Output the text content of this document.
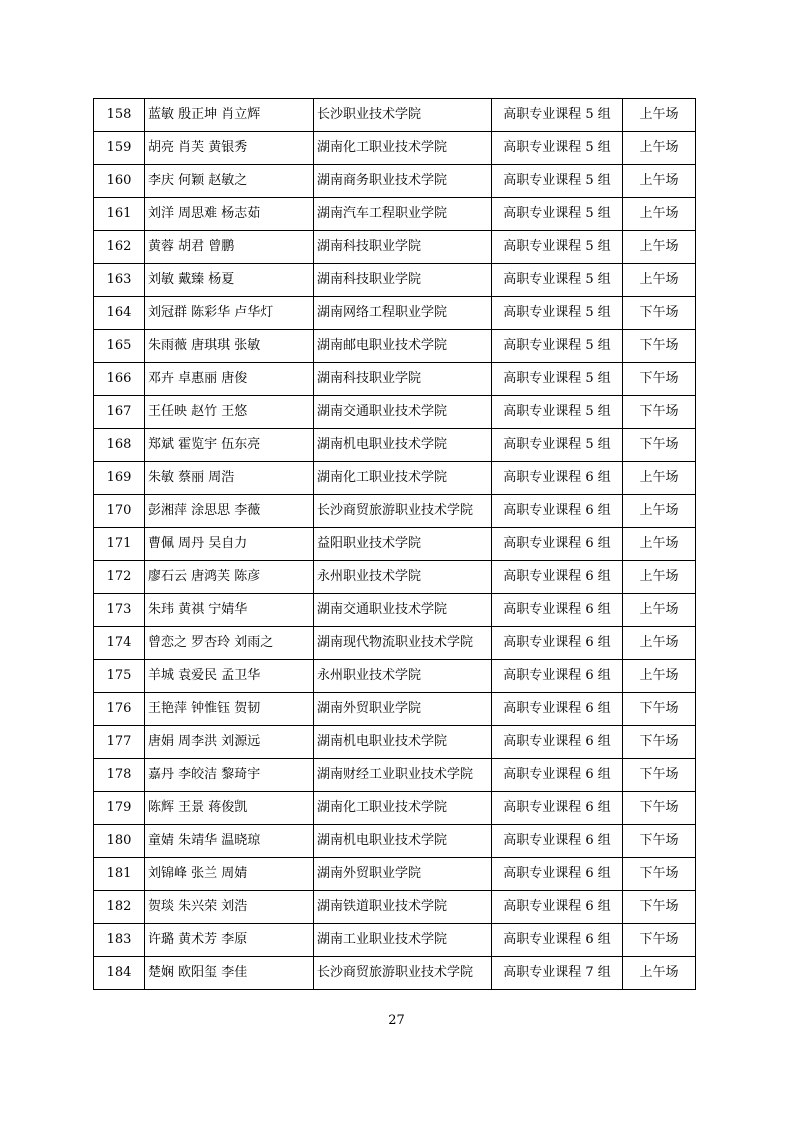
158	蓝敏 殷正坤 肖立辉	长沙职业技术学院	高职专业课程 5 组	上午场
159	胡亮 肖芙 黄银秀	湖南化工职业技术学院	高职专业课程 5 组	上午场
160	李庆 何颖 赵敏之	湖南商务职业技术学院	高职专业课程 5 组	上午场
161	刘洋 周思难 杨志茹	湖南汽车工程职业学院	高职专业课程 5 组	上午场
162	黄蓉 胡君 曾鹏	湖南科技职业学院	高职专业课程 5 组	上午场
163	刘敏 戴臻 杨夏	湖南科技职业学院	高职专业课程 5 组	上午场
164	刘冠群 陈彩华 卢华灯	湖南网络工程职业学院	高职专业课程 5 组	下午场
165	朱雨薇 唐琪琪 张敏	湖南邮电职业技术学院	高职专业课程 5 组	下午场
166	邓卉 卓惠丽 唐俊	湖南科技职业学院	高职专业课程 5 组	下午场
167	王任映 赵竹 王悠	湖南交通职业技术学院	高职专业课程 5 组	下午场
168	郑斌 霍览宇 伍东亮	湖南机电职业技术学院	高职专业课程 5 组	下午场
169	朱敏 蔡丽 周浩	湖南化工职业技术学院	高职专业课程 6 组	上午场
170	彭湘萍 涂思思 李薇	长沙商贸旅游职业技术学院	高职专业课程 6 组	上午场
171	曹佩 周丹 吴自力	益阳职业技术学院	高职专业课程 6 组	上午场
172	廖石云 唐鸿芙 陈彦	永州职业技术学院	高职专业课程 6 组	上午场
173	朱玮 黄祺 宁婧华	湖南交通职业技术学院	高职专业课程 6 组	上午场
174	曾恋之 罗杏玲 刘雨之	湖南现代物流职业技术学院	高职专业课程 6 组	上午场
175	羊城 袁爱民 孟卫华	永州职业技术学院	高职专业课程 6 组	上午场
176	王艳萍 钟惟钰 贺韧	湖南外贸职业学院	高职专业课程 6 组	下午场
177	唐娟 周李洪 刘源远	湖南机电职业技术学院	高职专业课程 6 组	下午场
178	嘉丹 李皎洁 黎琦宇	湖南财经工业职业技术学院	高职专业课程 6 组	下午场
179	陈辉 王景 蒋俊凯	湖南化工职业技术学院	高职专业课程 6 组	下午场
180	童婧 朱靖华 温晓琼	湖南机电职业技术学院	高职专业课程 6 组	下午场
181	刘锦峰 张兰 周婧	湖南外贸职业学院	高职专业课程 6 组	下午场
182	贺琰 朱兴荣 刘浩	湖南铁道职业技术学院	高职专业课程 6 组	下午场
183	许璐 黄术芳 李原	湖南工业职业技术学院	高职专业课程 6 组	下午场
184	楚娴 欧阳玺 李佳	长沙商贸旅游职业技术学院	高职专业课程 7 组	上午场
27
